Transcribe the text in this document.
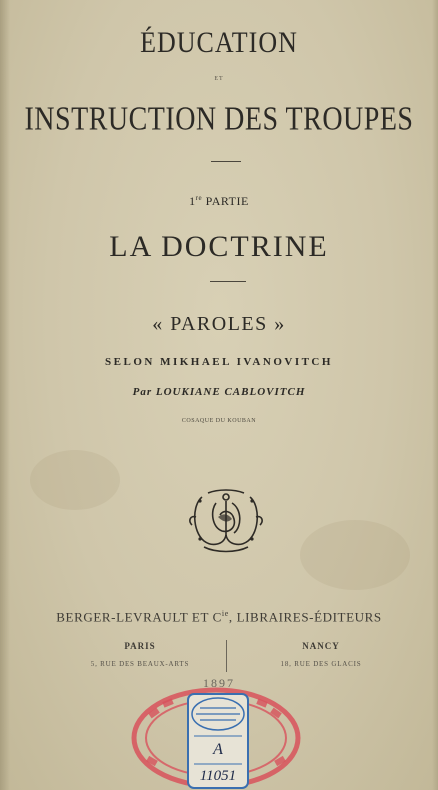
ÉDUCATION
ET
INSTRUCTION DES TROUPES
1re PARTIE
LA DOCTRINE
« PAROLES »
SELON MIKHAEL IVANOVITCH
Par LOUKIANE CABLOVITCH
COSAQUE DU KOUBAN
BERGER-LEVRAULT ET $C^{ie}$, LIBRAIRES-ÉDITEURS
PARIS
5, RUE DES BEAUX-ARTS
NANCY
18, RUE DES GLACIS
1897
A
11051
